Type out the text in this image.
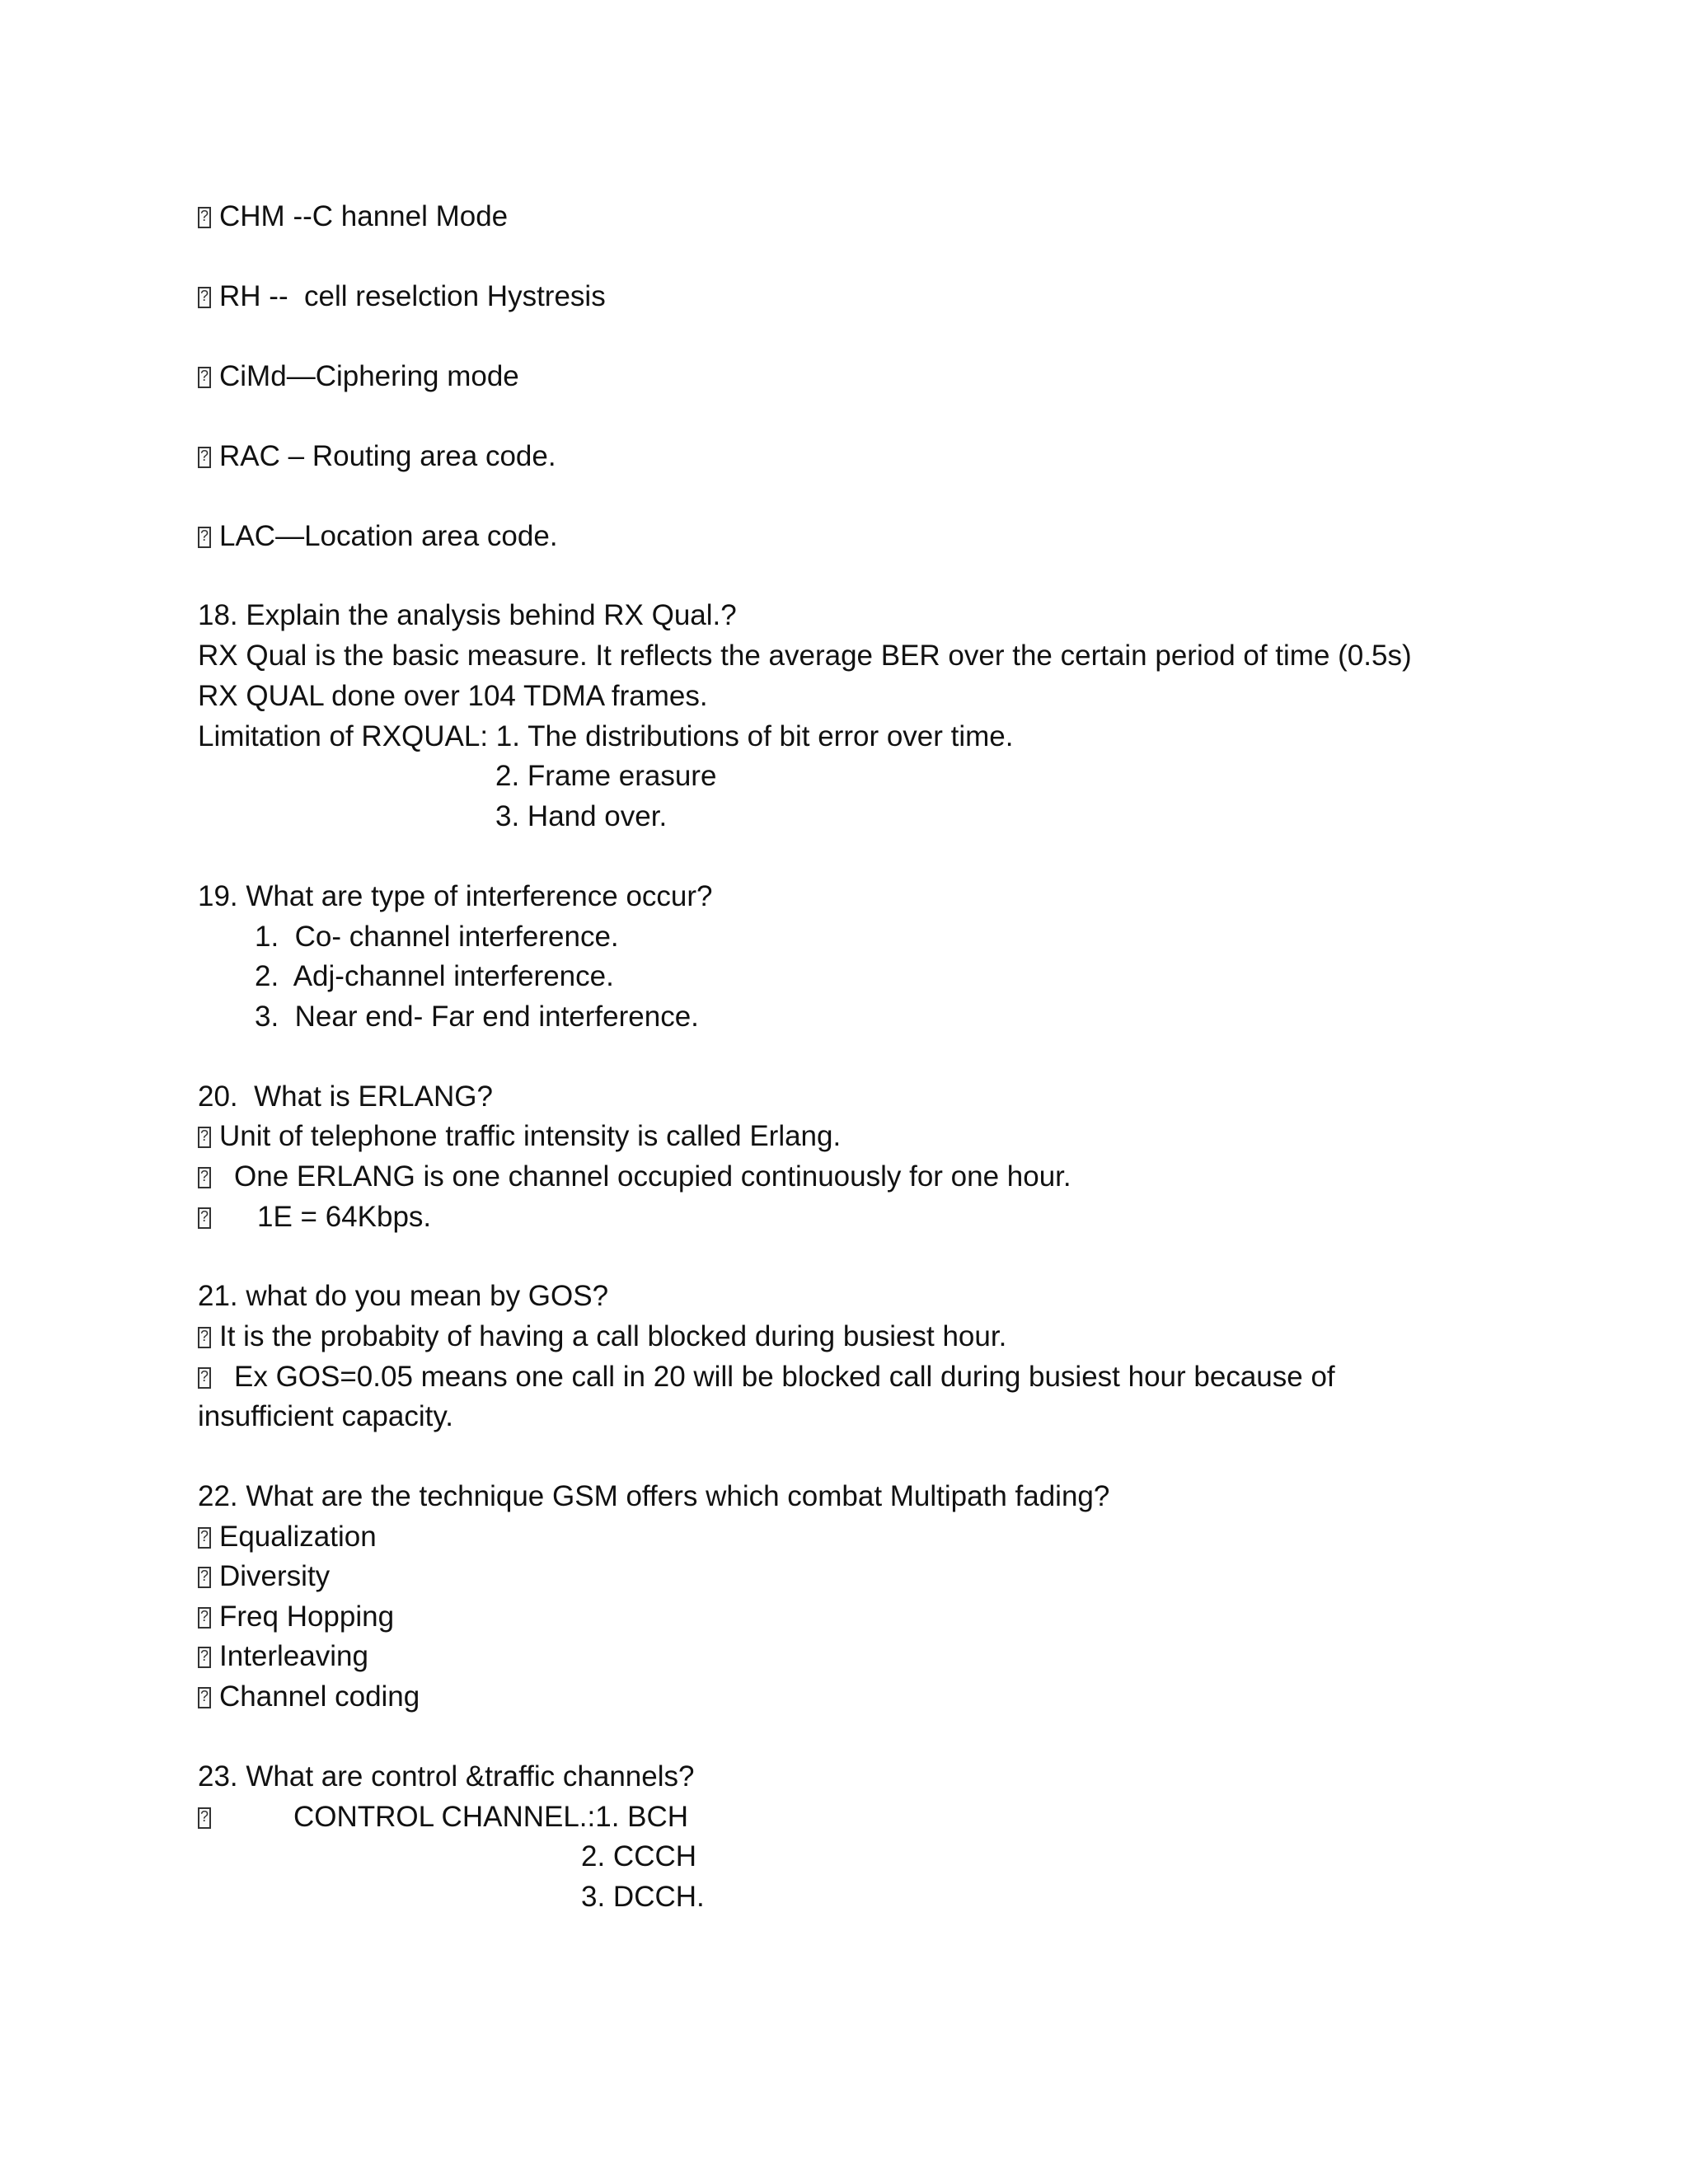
?CHM --C hannel Mode
?RH --  cell reselction Hystresis
?CiMd—Ciphering mode
?RAC – Routing area code.
?LAC—Location area code.
18. Explain the analysis behind RX Qual.?
RX Qual is the basic measure. It reflects the average BER over the certain period of time (0.5s)
RX QUAL done over 104 TDMA frames.
Limitation of RXQUAL: 1. The distributions of bit error over time.
2. Frame erasure
3. Hand over.
19. What are type of interference occur?
1.  Co- channel interference.
2.  Adj-channel interference.
3.  Near end- Far end interference.
20.  What is ERLANG?
?Unit of telephone traffic intensity is called Erlang.
?One ERLANG is one channel occupied continuously for one hour.
?1E = 64Kbps.
21. what do you mean by GOS?
?It is the probabity of having a call blocked during busiest hour.
?Ex GOS=0.05 means one call in 20 will be blocked call during busiest hour because of
insufficient capacity.
22. What are the technique GSM offers which combat Multipath fading?
?Equalization
?Diversity
?Freq Hopping
?Interleaving
?Channel coding
23. What are control &traffic channels?
?CONTROL CHANNEL.:1. BCH
2. CCCH
3. DCCH.
